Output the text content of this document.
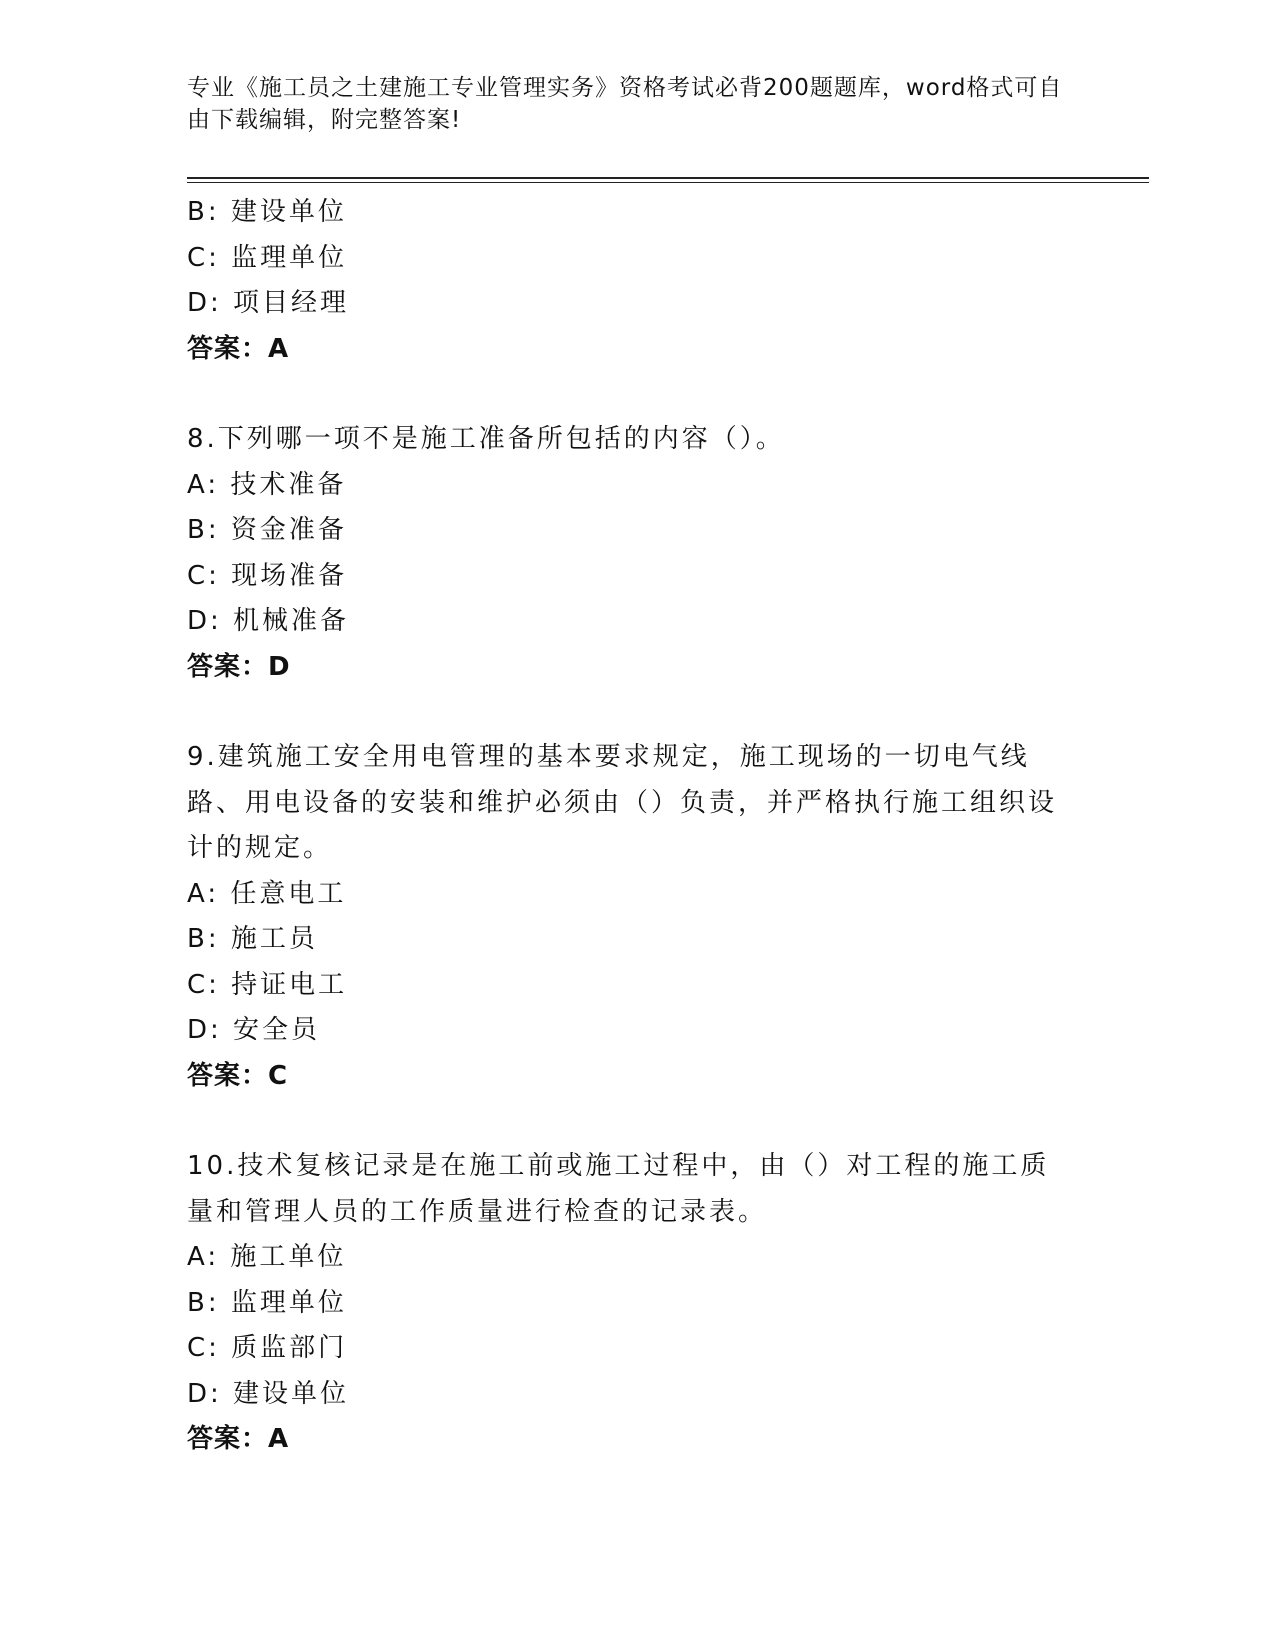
专业《施工员之土建施工专业管理实务》资格考试必背200题题库，word格式可自由下载编辑，附完整答案!
B: 建设单位
C: 监理单位
D: 项目经理
答案：A
8.下列哪一项不是施工准备所包括的内容（）。
A: 技术准备
B: 资金准备
C: 现场准备
D: 机械准备
答案：D
9.建筑施工安全用电管理的基本要求规定，施工现场的一切电气线路、用电设备的安装和维护必须由（）负责，并严格执行施工组织设计的规定。
A: 任意电工
B: 施工员
C: 持证电工
D: 安全员
答案：C
10.技术复核记录是在施工前或施工过程中，由（）对工程的施工质量和管理人员的工作质量进行检查的记录表。
A: 施工单位
B: 监理单位
C: 质监部门
D: 建设单位
答案：A
